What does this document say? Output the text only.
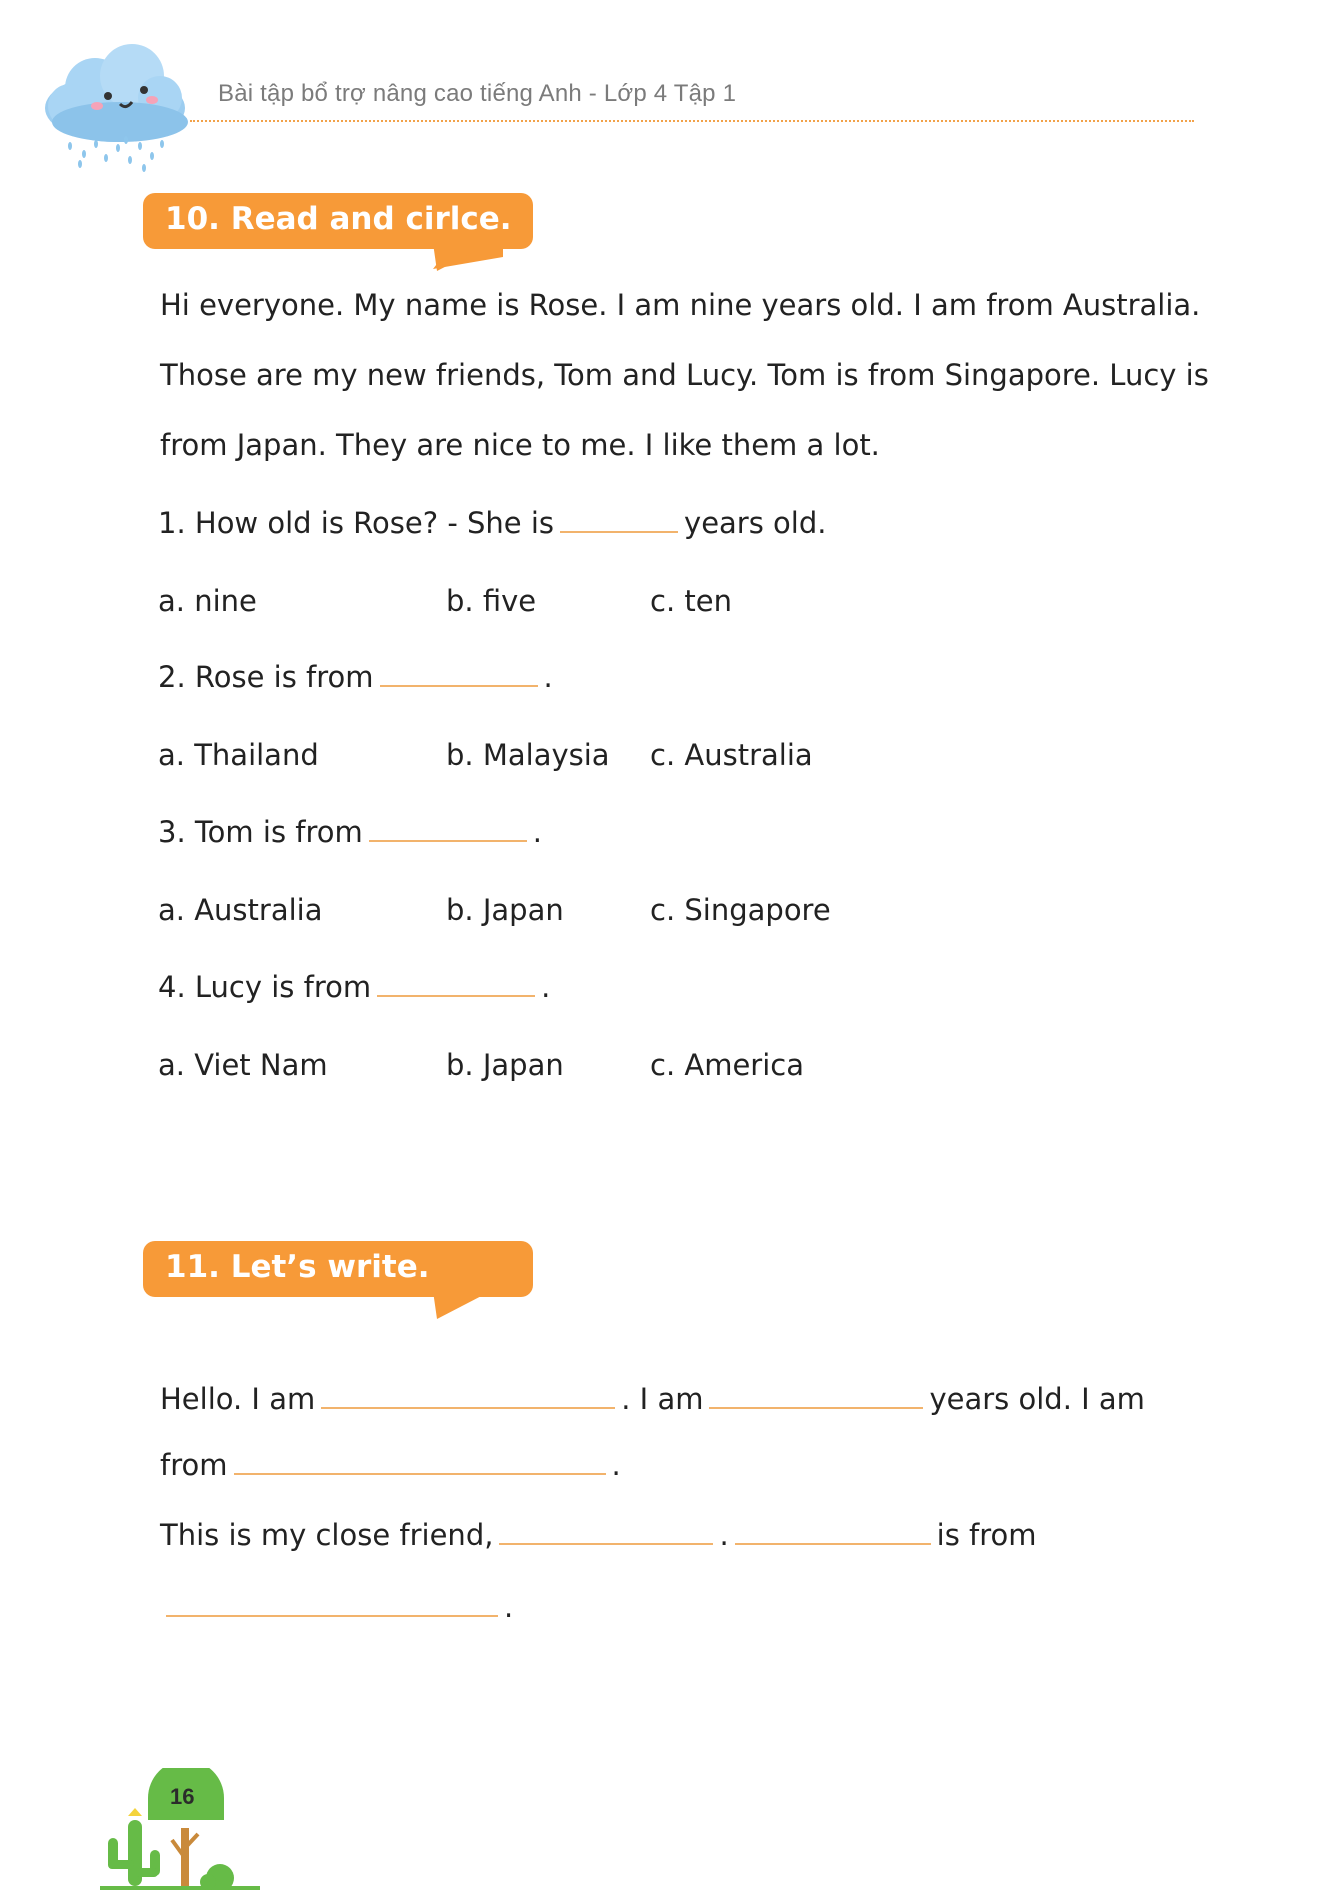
Bài tập bổ trợ nâng cao tiếng Anh - Lớp 4 Tập 1
10. Read and cirlce.
Hi everyone. My name is Rose. I am nine years old. I am from Australia.
Those are my new friends, Tom and Lucy. Tom is from Singapore. Lucy is
from Japan. They are nice to me. I like them a lot.
1. How old is Rose? - She is	years old.
a. nine	b. five	c. ten
2. Rose is from	.
a. Thailand	b. Malaysia c. Australia
3. Tom is from	.
a. Australia	b. Japan	c. Singapore
4. Lucy is from	.
a. Viet Nam	b. Japan	c. America
11. Let’s write.
Hello. I am	. I am	years old. I am
from	.
This is my close friend,	.	is from
.
16
